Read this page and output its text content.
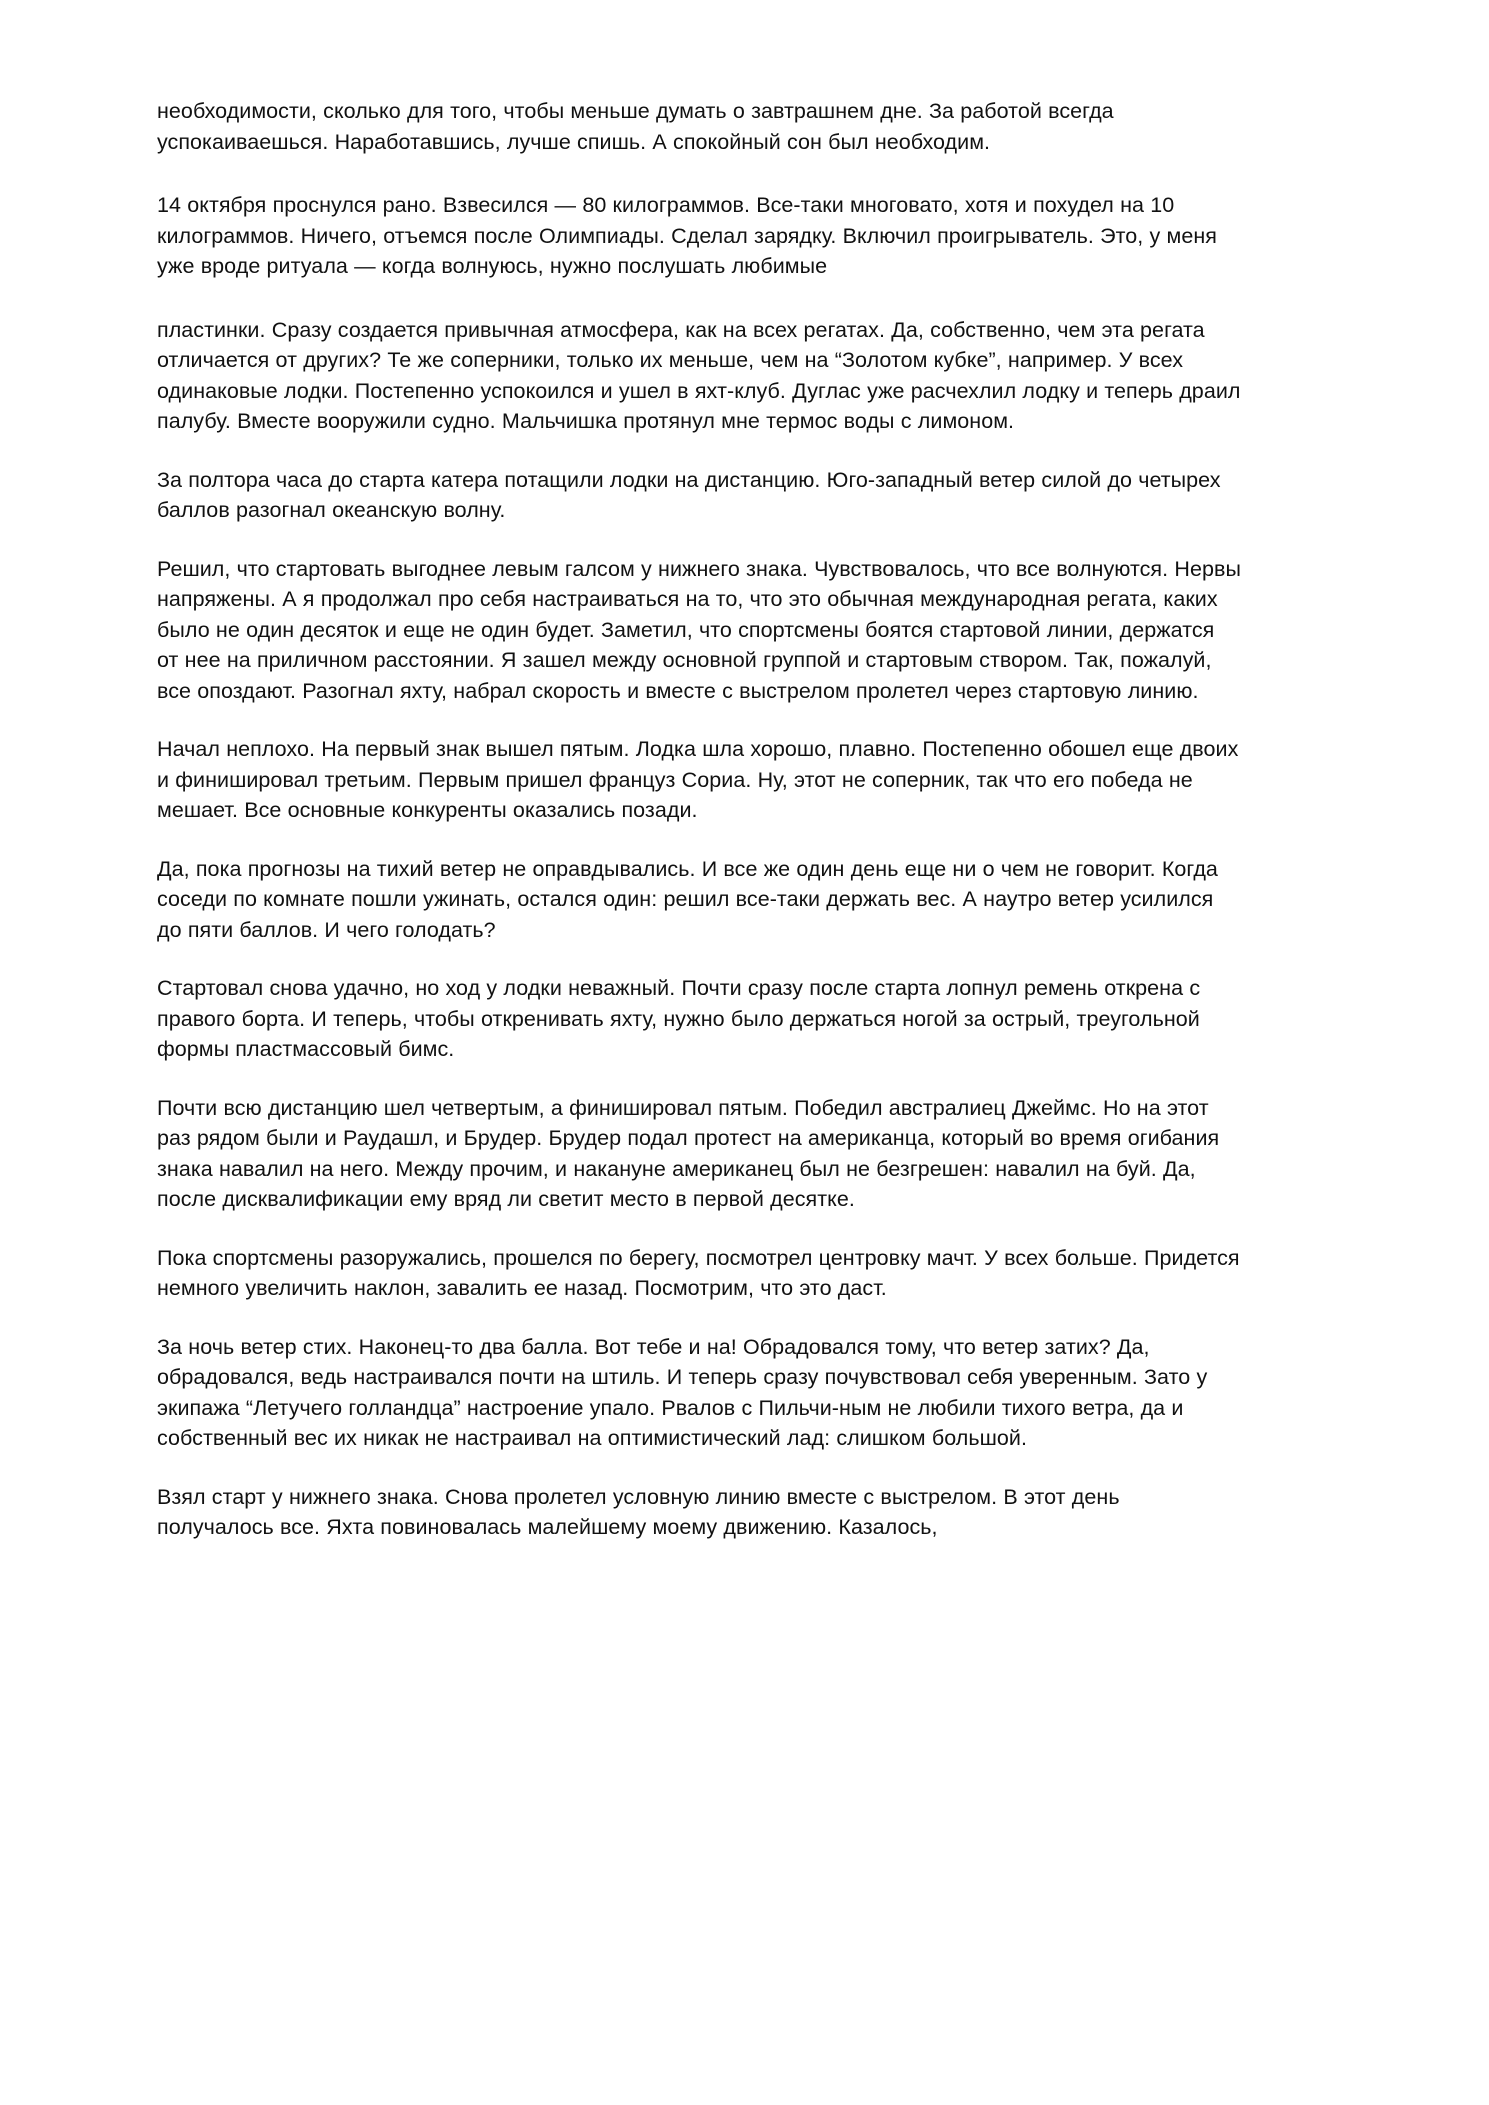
необходимости, сколько для того, чтобы меньше думать о завтрашнем дне. За работой всегда успокаиваешься. Наработавшись, лучше спишь. А спокойный сон был необходим.

14 октября проснулся рано. Взвесился — 80 килограммов. Все-таки многовато, хотя и похудел на 10 килограммов. Ничего, отъемся после Олимпиады. Сделал зарядку. Включил проигрыватель. Это, у меня уже вроде ритуала — когда волнуюсь, нужно послушать любимые

пластинки. Сразу создается привычная атмосфера, как на всех регатах. Да, собственно, чем эта регата отличается от других? Те же соперники, только их меньше, чем на “Золотом кубке”, например. У всех одинаковые лодки. Постепенно успокоился и ушел в яхт-клуб. Дуглас уже расчехлил лодку и теперь драил палубу. Вместе вооружили судно. Мальчишка протянул мне термос воды с лимоном.

За полтора часа до старта катера потащили лодки на дистанцию. Юго-западный ветер силой до четырех баллов разогнал океанскую волну.

Решил, что стартовать выгоднее левым галсом у нижнего знака. Чувствовалось, что все волнуются. Нервы напряжены. А я продолжал про себя настраиваться на то, что это обычная международная регата, каких было не один десяток и еще не один будет. Заметил, что спортсмены боятся стартовой линии, держатся от нее на приличном расстоянии. Я зашел между основной группой и стартовым створом. Так, пожалуй, все опоздают. Разогнал яхту, набрал скорость и вместе с выстрелом пролетел через стартовую линию.

Начал неплохо. На первый знак вышел пятым. Лодка шла хорошо, плавно. Постепенно обошел еще двоих и финишировал третьим. Первым пришел француз Сориа. Ну, этот не соперник, так что его победа не мешает. Все основные конкуренты оказались позади.

Да, пока прогнозы на тихий ветер не оправдывались. И все же один день еще ни о чем не говорит. Когда соседи по комнате пошли ужинать, остался один: решил все-таки держать вес. А наутро ветер усилился до пяти баллов. И чего голодать?

Стартовал снова удачно, но ход у лодки неважный. Почти сразу после старта лопнул ремень откренa с правого борта. И теперь, чтобы откренивать яхту, нужно было держаться ногой за острый, треугольной формы пластмассовый бимс.

Почти всю дистанцию шел четвертым, а финишировал пятым. Победил австралиец Джеймс. Но на этот раз рядом были и Раудашл, и Брудер. Брудер подал протест на американца, который во время огибания знака навалил на него. Между прочим, и накануне американец был не безгрешен: навалил на буй. Да, после дисквалификации ему вряд ли светит место в первой десятке.

Пока спортсмены разоружались, прошелся по берегу, посмотрел центровку мачт. У всех больше. Придется немного увеличить наклон, завалить ее назад. Посмотрим, что это даст.

За ночь ветер стих. Наконец-то два балла. Вот тебе и на! Обрадовался тому, что ветер затих? Да, обрадовался, ведь настраивался почти на штиль. И теперь сразу почувствовал себя уверенным. Зато у экипажа “Летучего голландца” настроение упало. Рвалов с Пильчи-ным не любили тихого ветра, да и собственный вес их никак не настраивал на оптимистический лад: слишком большой.

Взял старт у нижнего знака. Снова пролетел условную линию вместе с выстрелом. В этот день получалось все. Яхта повиновалась малейшему моему движению. Казалось,
